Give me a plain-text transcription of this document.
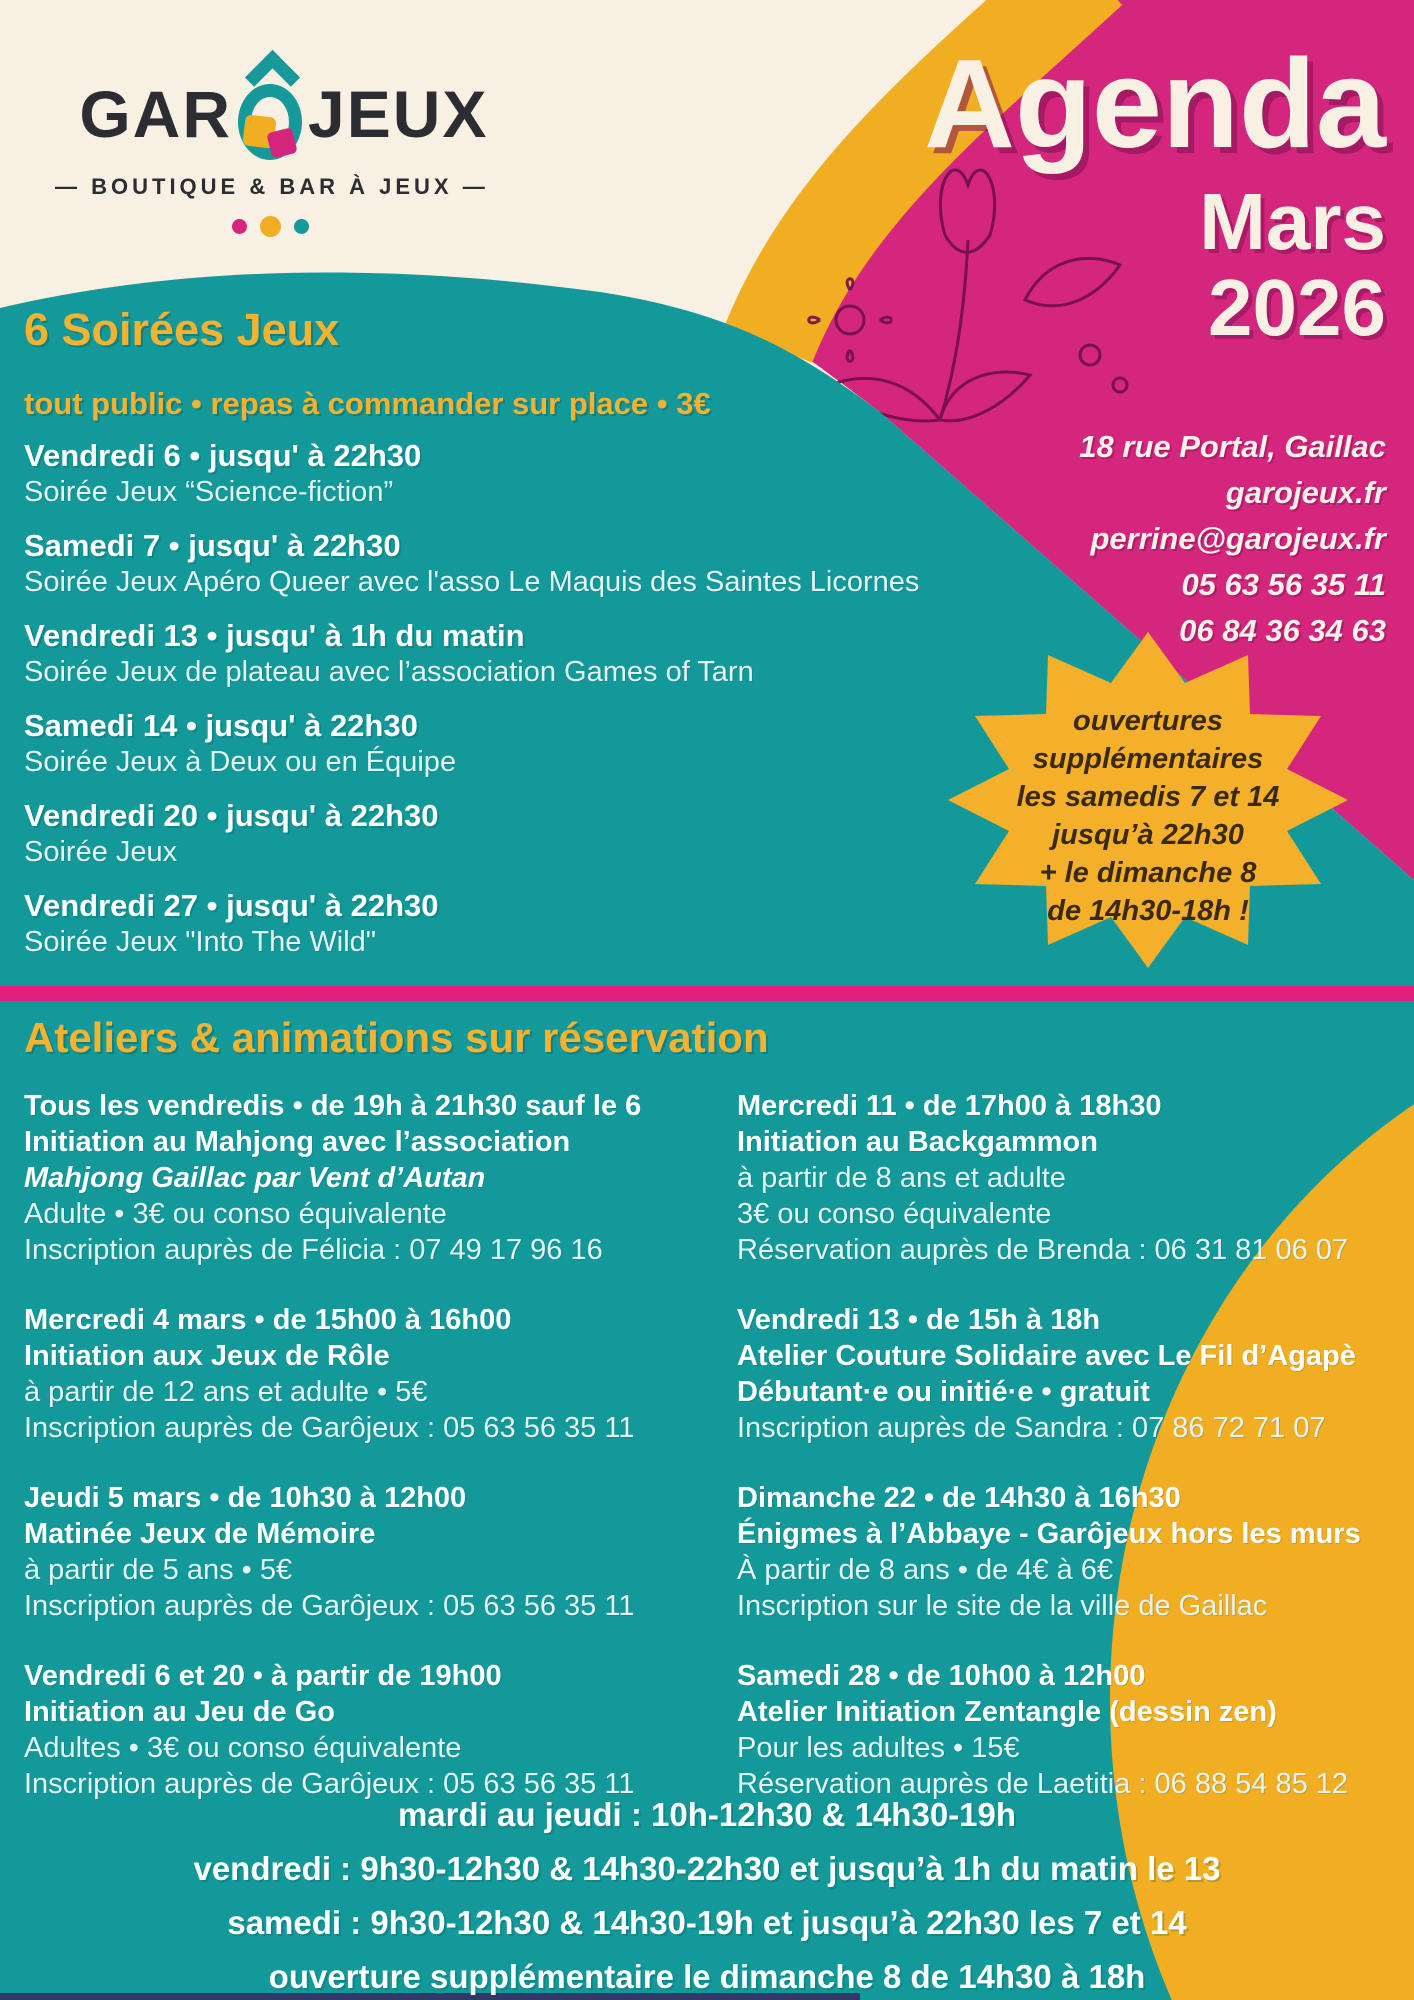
GAR JEUX
— BOUTIQUE & BAR À JEUX —
Agenda
Mars
2026
18 rue Portal, Gaillac
garojeux.fr
perrine@garojeux.fr
05 63 56 35 11
06 84 36 34 63
6 Soirées Jeux
tout public • repas à commander sur place • 3€
Vendredi 6 • jusqu' à 22h30
Soirée Jeux “Science-fiction”
Samedi 7 • jusqu' à 22h30
Soirée Jeux Apéro Queer avec l'asso Le Maquis des Saintes Licornes
Vendredi 13 • jusqu' à 1h du matin
Soirée Jeux de plateau avec l’association Games of Tarn
Samedi 14 • jusqu' à 22h30
Soirée Jeux à Deux ou en Équipe
Vendredi 20 • jusqu' à 22h30
Soirée Jeux
Vendredi 27 • jusqu' à 22h30
Soirée Jeux "Into The Wild"
ouvertures
supplémentaires
les samedis 7 et 14
jusqu’à 22h30
+ le dimanche 8
de 14h30-18h !
Ateliers & animations sur réservation
Tous les vendredis • de 19h à 21h30 sauf le 6
Initiation au Mahjong avec l’association
Mahjong Gaillac par Vent d’Autan
Adulte • 3€ ou conso équivalente
Inscription auprès de Félicia : 07 49 17 96 16
Mercredi 4 mars • de 15h00 à 16h00
Initiation aux Jeux de Rôle
à partir de 12 ans et adulte • 5€
Inscription auprès de Garôjeux : 05 63 56 35 11
Jeudi 5 mars • de 10h30 à 12h00
Matinée Jeux de Mémoire
à partir de 5 ans • 5€
Inscription auprès de Garôjeux : 05 63 56 35 11
Vendredi 6 et 20 • à partir de 19h00
Initiation au Jeu de Go
Adultes • 3€ ou conso équivalente
Inscription auprès de Garôjeux : 05 63 56 35 11
Mercredi 11 • de 17h00 à 18h30
Initiation au Backgammon
à partir de 8 ans et adulte
3€ ou conso équivalente
Réservation auprès de Brenda : 06 31 81 06 07
Vendredi 13 • de 15h à 18h
Atelier Couture Solidaire avec Le Fil d’Agapè
Débutant·e ou initié·e • gratuit
Inscription auprès de Sandra : 07 86 72 71 07
Dimanche 22 • de 14h30 à 16h30
Énigmes à l’Abbaye - Garôjeux hors les murs
À partir de 8 ans • de 4€ à 6€
Inscription sur le site de la ville de Gaillac
Samedi 28 • de 10h00 à 12h00
Atelier Initiation Zentangle (dessin zen)
Pour les adultes • 15€
Réservation auprès de Laetitia : 06 88 54 85 12
mardi au jeudi : 10h-12h30 & 14h30-19h
vendredi : 9h30-12h30 & 14h30-22h30 et jusqu’à 1h du matin le 13
samedi : 9h30-12h30 & 14h30-19h et jusqu’à 22h30 les 7 et 14
ouverture supplémentaire le dimanche 8 de 14h30 à 18h
